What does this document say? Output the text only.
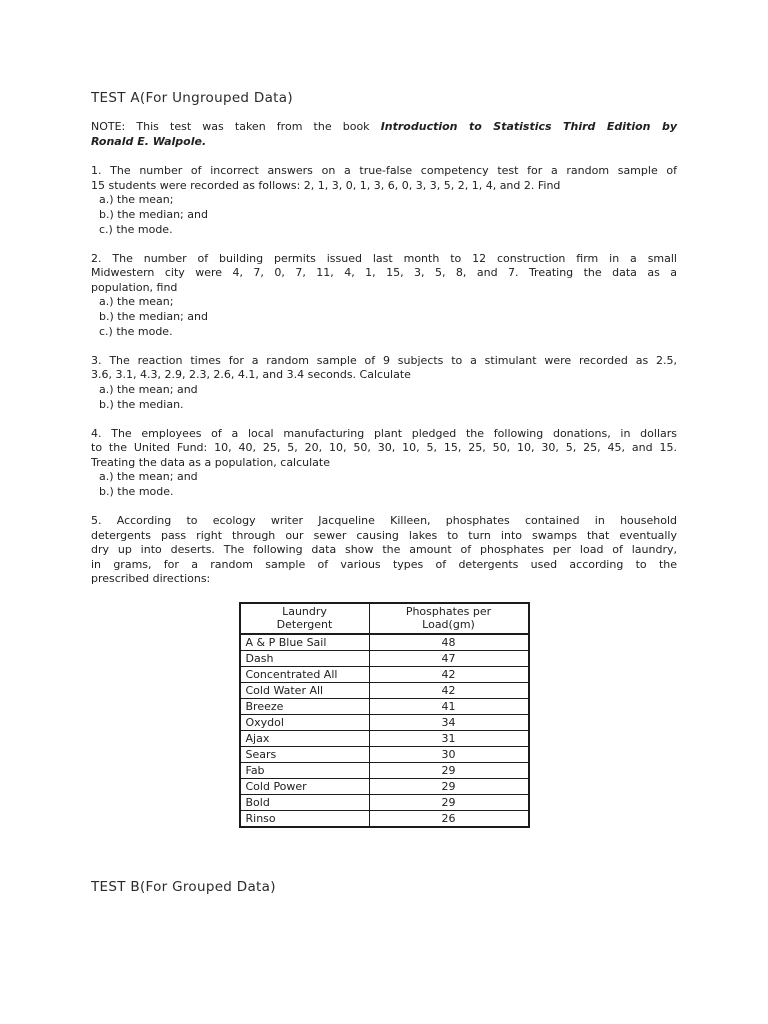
TEST A(For Ungrouped Data)

NOTE: This test was taken from the book Introduction to Statistics Third Edition by
Ronald E. Walpole.

1. The number of incorrect answers on a true-false competency test for a random sample of
15 students were recorded as follows: 2, 1, 3, 0, 1, 3, 6, 0, 3, 3, 5, 2, 1, 4, and 2. Find
a.) the mean;
b.) the median; and
c.) the mode.
2. The number of building permits issued last month to 12 construction firm in a small
Midwestern city were 4, 7, 0, 7, 11, 4, 1, 15, 3, 5, 8, and 7. Treating the data as a
population, find
a.) the mean;
b.) the median; and
c.) the mode.
3. The reaction times for a random sample of 9 subjects to a stimulant were recorded as 2.5,
3.6, 3.1, 4.3, 2.9, 2.3, 2.6, 4.1, and 3.4 seconds. Calculate
a.) the mean; and
b.) the median.
4. The employees of a local manufacturing plant pledged the following donations, in dollars
to the United Fund: 10, 40, 25, 5, 20, 10, 50, 30, 10, 5, 15, 25, 50, 10, 30, 5, 25, 45, and 15.
Treating the data as a population, calculate
a.) the mean; and
b.) the mode.
5. According to ecology writer Jacqueline Killeen, phosphates contained in household
detergents pass right through our sewer causing lakes to turn into swamps that eventually
dry up into deserts. The following data show the amount of phosphates per load of laundry,
in grams, for a random sample of various types of detergents used according to the
prescribed directions:
Laundry
Detergent	Phosphates per
Load(gm)

A & P Blue Sail	48
Dash	47
Concentrated All	42
Cold Water All	42
Breeze	41
Oxydol	34
Ajax	31
Sears	30
Fab	29
Cold Power	29
Bold	29
Rinso	26
TEST B(For Grouped Data)
